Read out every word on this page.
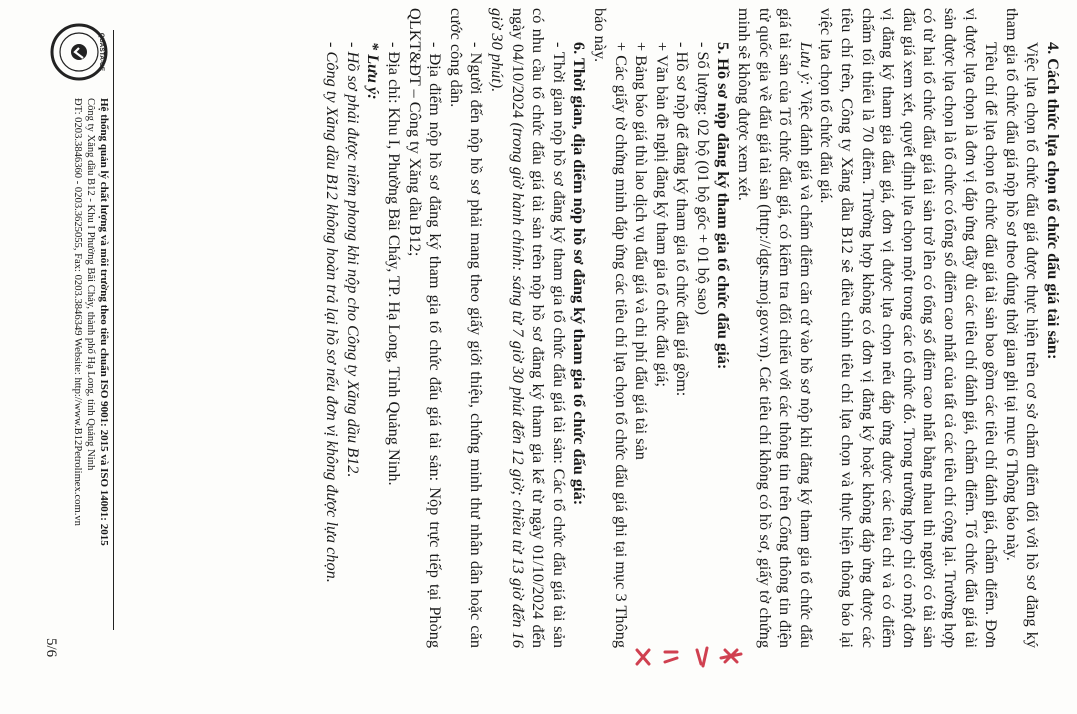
4. Cách thức lựa chọn tổ chức đấu giá tài sản:

Việc lựa chọn tổ chức đấu giá được thực hiện trên cơ sở chấm điểm đối với hồ sơ đăng ký tham gia tổ chức đấu giá nộp hồ sơ theo đúng thời gian ghi tại mục 6 Thông báo này.

Tiêu chí để lựa chọn tổ chức đấu giá tài sản bao gồm các tiêu chí đánh giá, chấm điểm. Đơn vị được lựa chọn là đơn vị đáp ứng đầy đủ các tiêu chí đánh giá, chấm điểm. Tổ chức đấu giá tài sản được lựa chọn là tổ chức có tổng số điểm cao nhất của tất cả các tiêu chí cộng lại. Trường hợp có từ hai tổ chức đấu giá tài sản trở lên có tổng số điểm cao nhất bằng nhau thì người có tài sản đấu giá xem xét, quyết định lựa chọn một trong các tổ chức đó. Trong trường hợp chỉ có một đơn vị đăng ký tham gia đấu giá, đơn vị được lựa chọn nếu đáp ứng được các tiêu chí và có điểm chấm tối thiểu là 70 điểm. Trường hợp không có đơn vị đăng ký hoặc không đáp ứng được các tiêu chí trên, Công ty Xăng dầu B12 sẽ điều chỉnh tiêu chí lựa chọn và thực hiện thông báo lại việc lựa chọn tổ chức đấu giá.

Lưu ý: Việc đánh giá và chấm điểm căn cứ vào hồ sơ nộp khi đăng ký tham gia tổ chức đấu giá tài sản của Tổ chức đấu giá, có kiểm tra đối chiếu với các thông tin trên Cổng thông tin điện tử quốc gia về đấu giá tài sản (http://dgts.moj.gov.vn). Các tiêu chí không có hồ sơ, giấy tờ chứng minh sẽ không được xem xét.

5. Hồ sơ nộp đăng ký tham gia tổ chức đấu giá:

- Số lượng: 02 bộ (01 bộ gốc + 01 bộ sao)

- Hồ sơ nộp để đăng ký tham gia tổ chức đấu giá gồm:

+ Văn bản đề nghị đăng ký tham gia tổ chức đấu giá;

+ Bảng báo giá thù lao dịch vụ đấu giá và chi phí đấu giá tài sản

+ Các giấy tờ chứng minh đáp ứng các tiêu chí lựa chọn tổ chức đấu giá ghi tại mục 3 Thông báo này.

6. Thời gian, địa điểm nộp hồ sơ đăng ký tham gia tổ chức đấu giá:

- Thời gian nộp hồ sơ đăng ký tham gia tổ chức đấu giá tài sản: Các tổ chức đấu giá tài sản có nhu cầu tổ chức đấu giá tài sản trên nộp hồ sơ đăng ký tham gia kể từ ngày 01/10/2024 đến ngày 04/10/2024 (trong giờ hành chính: sáng từ 7 giờ 30 phút đến 12 giờ; chiều từ 13 giờ đến 16 giờ 30 phút).

- Người đến nộp hồ sơ phải mang theo giấy giới thiệu, chứng minh thư nhân dân hoặc căn cước công dân.

- Địa điểm nộp hồ sơ đăng ký tham gia tổ chức đấu giá tài sản: Nộp trực tiếp tại Phòng QLKT&ĐT – Công ty Xăng dầu B12;

- Địa chỉ: Khu I, Phường Bãi Cháy, TP. Hạ Long, Tỉnh Quảng Ninh.

* Lưu ý:

- Hồ sơ phải được niêm phong khi nộp cho Công ty Xăng dầu B12.

- Công ty Xăng dầu B12 không hoàn trả lại hồ sơ nếu đơn vị không được lựa chọn.

5/6
QUASTA-CE
Hệ thống quản lý chất lượng và môi trường theo tiêu chuẩn ISO 9001: 2015 và ISO 14001: 2015
Công ty Xăng dầu B12 - Khu I Phường Bãi Cháy, thành phố Hạ Long, tỉnh Quảng Ninh
ĐT: 0203.3846360 - 0203.3625055, Fax: 0203.3846349 Website: http://www.B12Petrolimex.com.vn
